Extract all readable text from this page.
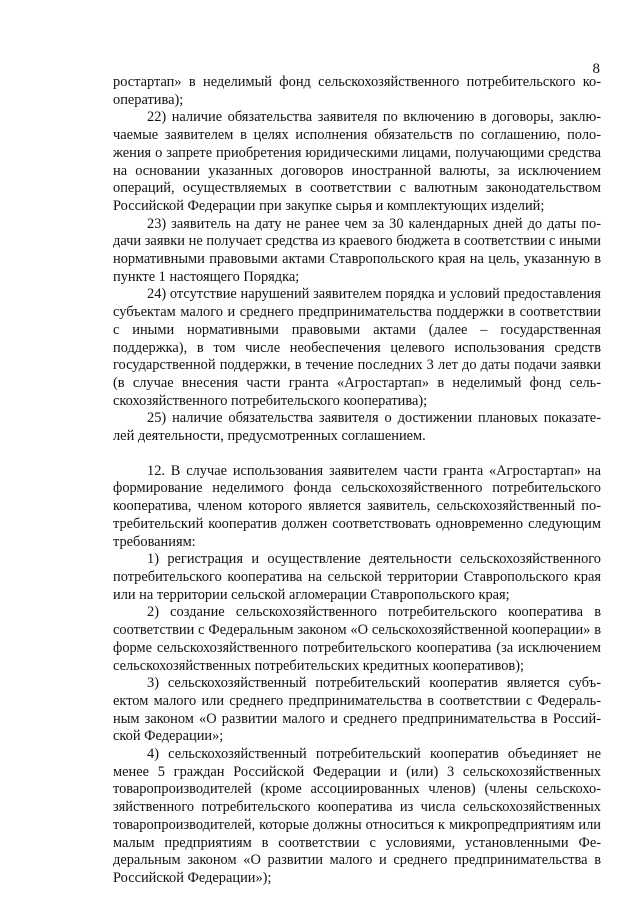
8

ростартап» в неделимый фонд сельскохозяйственного потребительского кооператива);

22) наличие обязательства заявителя по включению в договоры, заключаемые заявителем в целях исполнения обязательств по соглашению, положения о запрете приобретения юридическими лицами, получающими средства на основании указанных договоров иностранной валюты, за исключением операций, осуществляемых в соответствии с валютным законодательством Российской Федерации при закупке сырья и комплектующих изделий;

23) заявитель на дату не ранее чем за 30 календарных дней до даты подачи заявки не получает средства из краевого бюджета в соответствии с иными нормативными правовыми актами Ставропольского края на цель, указанную в пункте 1 настоящего Порядка;

24) отсутствие нарушений заявителем порядка и условий предоставления субъектам малого и среднего предпринимательства поддержки в соответствии с иными нормативными правовыми актами (далее – государственная поддержка), в том числе необеспечения целевого использования средств государственной поддержки, в течение последних 3 лет до даты подачи заявки (в случае внесения части гранта «Агростартап» в неделимый фонд сельскохозяйственного потребительского кооператива);

25) наличие обязательства заявителя о достижении плановых показателей деятельности, предусмотренных соглашением.

12. В случае использования заявителем части гранта «Агростартап» на формирование неделимого фонда сельскохозяйственного потребительского кооператива, членом которого является заявитель, сельскохозяйственный потребительский кооператив должен соответствовать одновременно следующим требованиям:

1) регистрация и осуществление деятельности сельскохозяйственного потребительского кооператива на сельской территории Ставропольского края или на территории сельской агломерации Ставропольского края;

2) создание сельскохозяйственного потребительского кооператива в соответствии с Федеральным законом «О сельскохозяйственной кооперации» в форме сельскохозяйственного потребительского кооператива (за исключением сельскохозяйственных потребительских кредитных кооперативов);

3) сельскохозяйственный потребительский кооператив является субъектом малого или среднего предпринимательства в соответствии с Федеральным законом «О развитии малого и среднего предпринимательства в Российской Федерации»;

4) сельскохозяйственный потребительский кооператив объединяет не менее 5 граждан Российской Федерации и (или) 3 сельскохозяйственных товаропроизводителей (кроме ассоциированных членов) (члены сельскохозяйственного потребительского кооператива из числа сельскохозяйственных товаропроизводителей, которые должны относиться к микропредприятиям или малым предприятиям в соответствии с условиями, установленными Федеральным законом «О развитии малого и среднего предпринимательства в Российской Федерации»);
